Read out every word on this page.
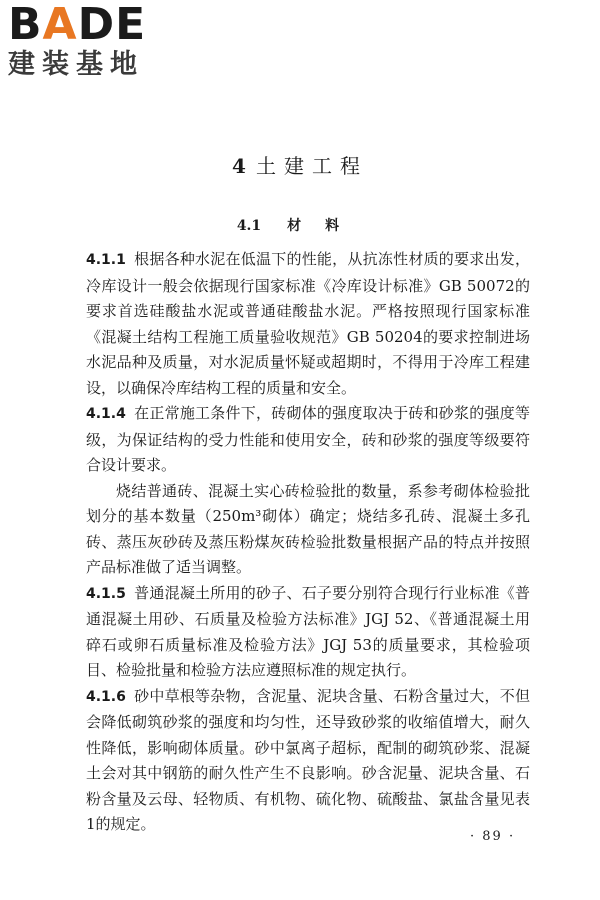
BADE
建装基地
4 土建工程
4.1 材料

4.1.1 根据各种水泥在低温下的性能，从抗冻性材质的要求出发，冷库设计一般会依据现行国家标准《冷库设计标准》GB 50072的要求首选硅酸盐水泥或普通硅酸盐水泥。严格按照现行国家标准《混凝土结构工程施工质量验收规范》GB 50204的要求控制进场水泥品种及质量，对水泥质量怀疑或超期时，不得用于冷库工程建设，以确保冷库结构工程的质量和安全。

4.1.4 在正常施工条件下，砖砌体的强度取决于砖和砂浆的强度等级，为保证结构的受力性能和使用安全，砖和砂浆的强度等级要符合设计要求。

烧结普通砖、混凝土实心砖检验批的数量，系参考砌体检验批划分的基本数量（250m³砌体）确定；烧结多孔砖、混凝土多孔砖、蒸压灰砂砖及蒸压粉煤灰砖检验批数量根据产品的特点并按照产品标准做了适当调整。

4.1.5 普通混凝土所用的砂子、石子要分别符合现行行业标准《普通混凝土用砂、石质量及检验方法标准》JGJ 52、《普通混凝土用碎石或卵石质量标准及检验方法》JGJ 53的质量要求，其检验项目、检验批量和检验方法应遵照标准的规定执行。

4.1.6 砂中草根等杂物，含泥量、泥块含量、石粉含量过大，不但会降低砌筑砂浆的强度和均匀性，还导致砂浆的收缩值增大，耐久性降低，影响砌体质量。砂中氯离子超标，配制的砌筑砂浆、混凝土会对其中钢筋的耐久性产生不良影响。砂含泥量、泥块含量、石粉含量及云母、轻物质、有机物、硫化物、硫酸盐、氯盐含量见表1的规定。

· 89 ·
